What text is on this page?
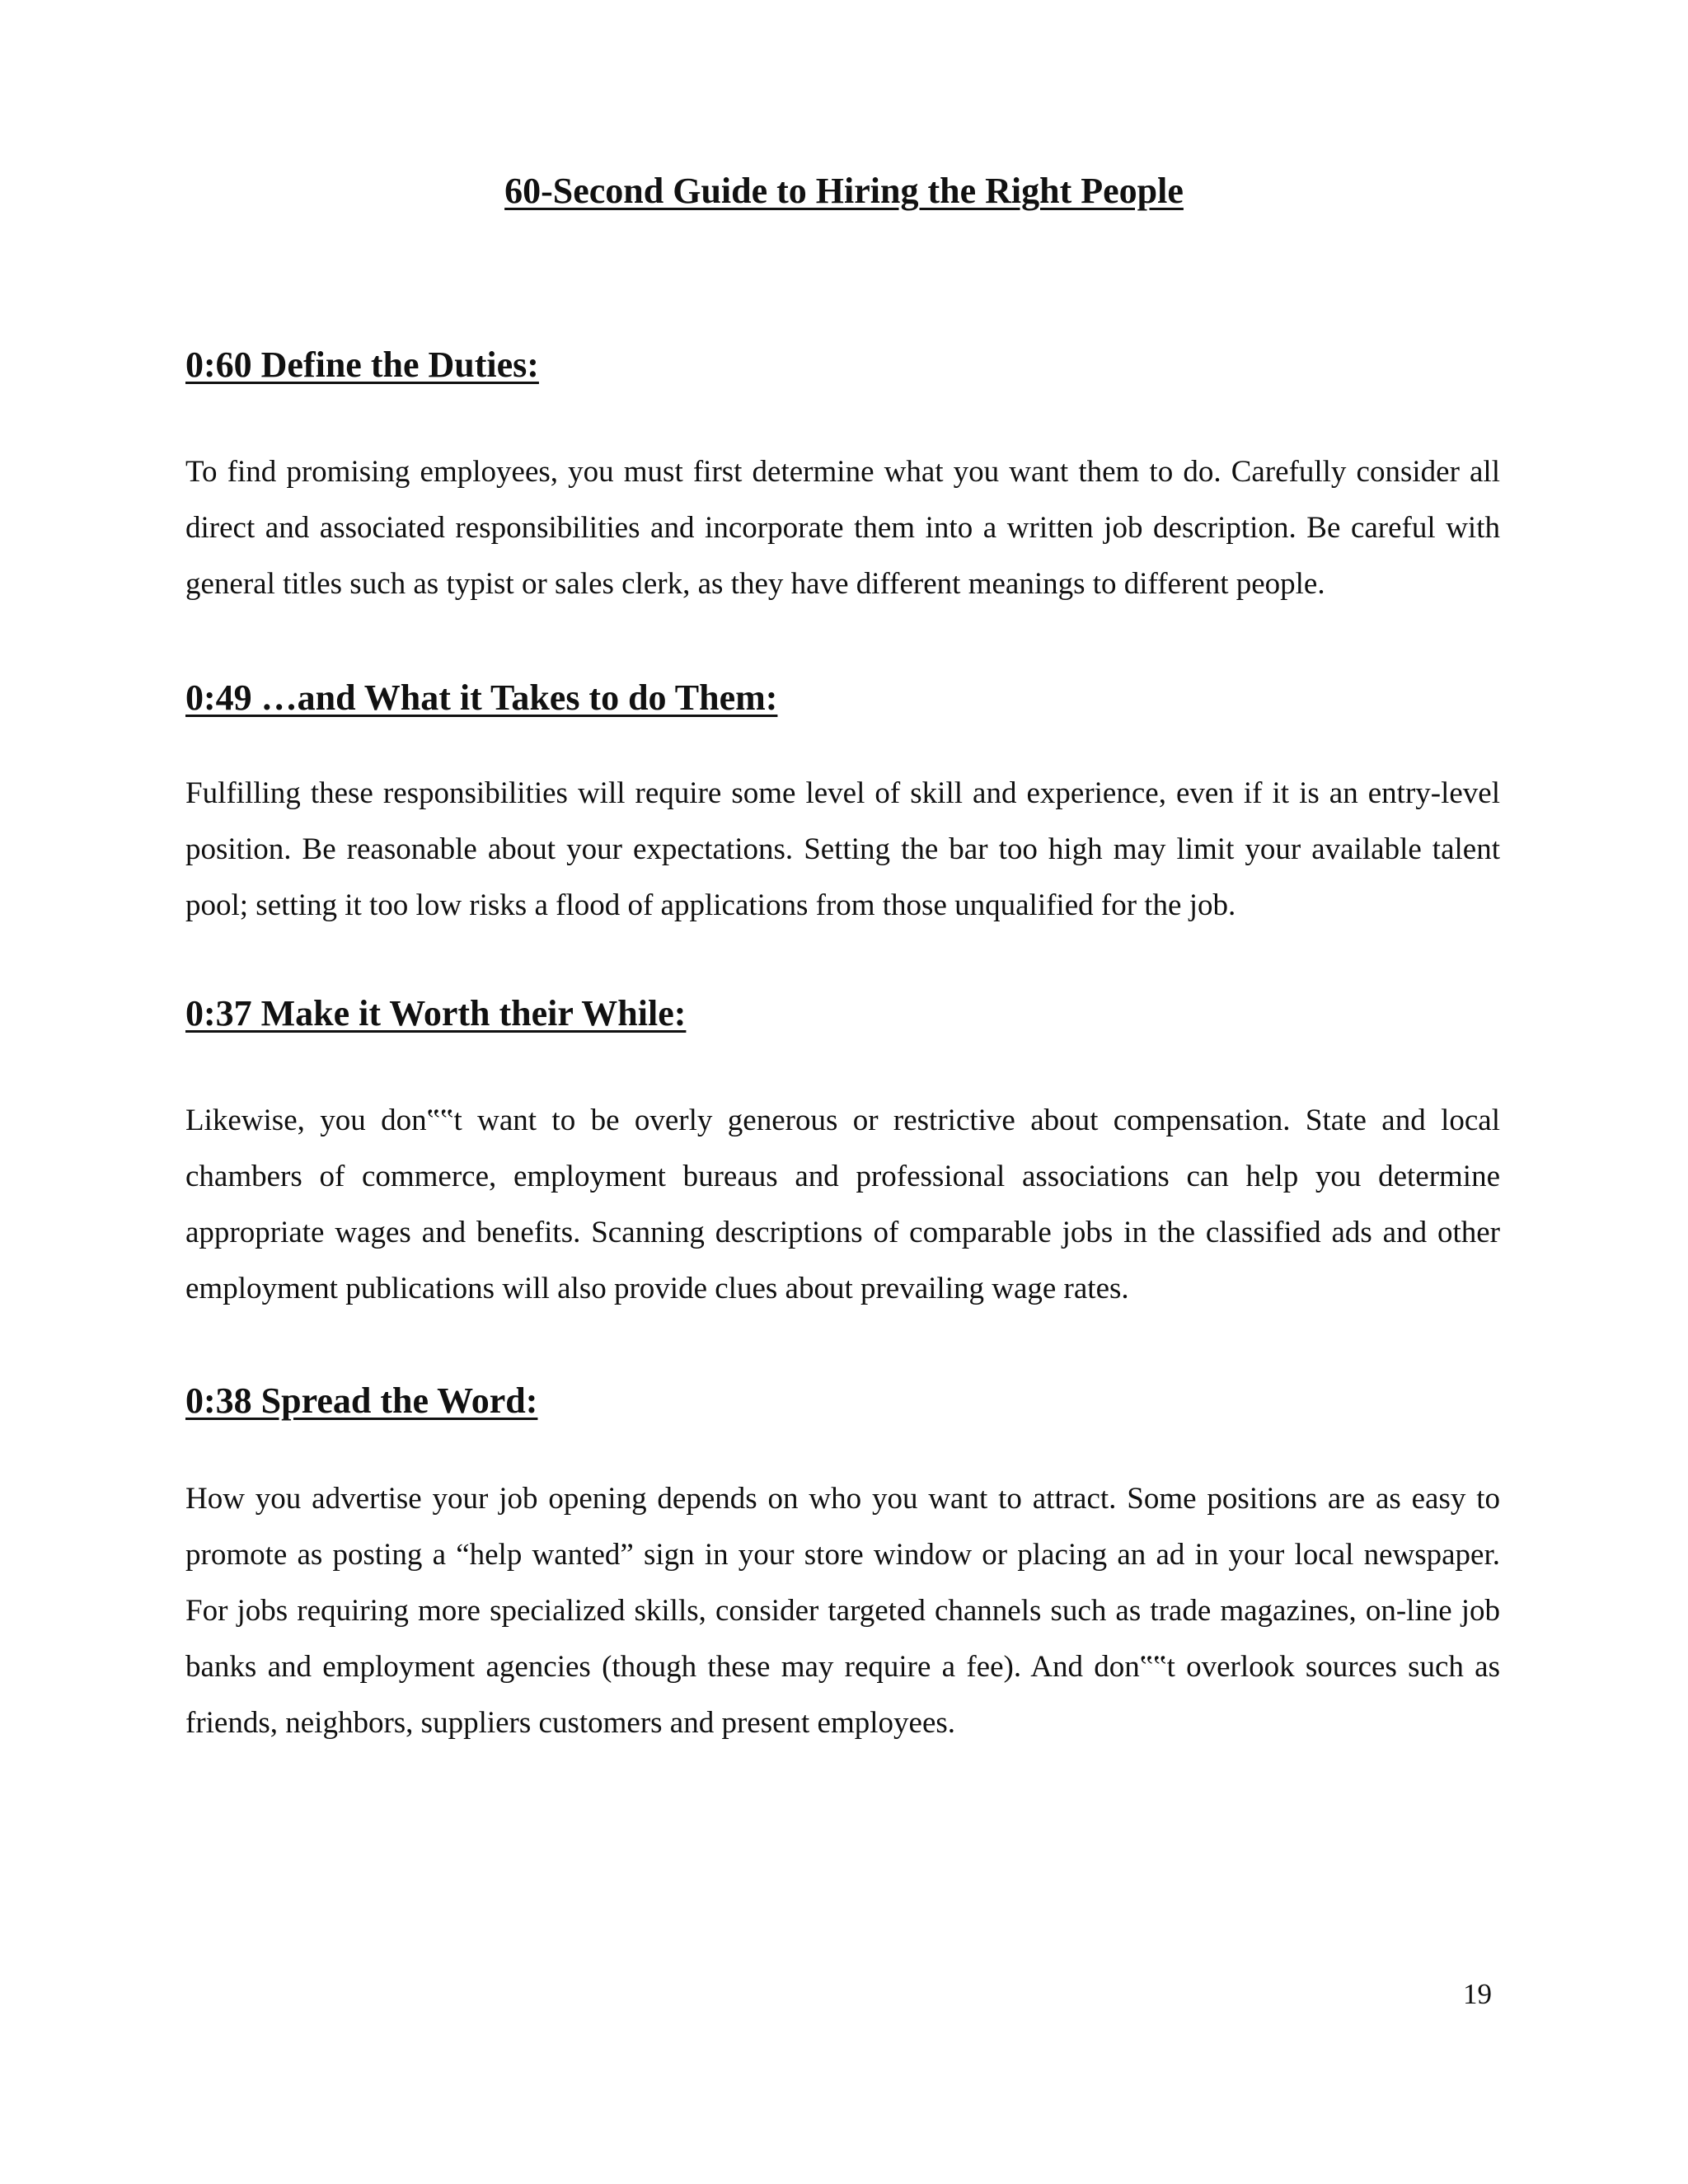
60-Second Guide to Hiring the Right People
0:60 Define the Duties:

To find promising employees, you must first determine what you want them to do. Carefully consider all direct and associated responsibilities and incorporate them into a written job description. Be careful with general titles such as typist or sales clerk, as they have different meanings to different people.

0:49 …and What it Takes to do Them:

Fulfilling these responsibilities will require some level of skill and experience, even if it is an entry-level position. Be reasonable about your expectations. Setting the bar too high may limit your available talent pool; setting it too low risks a flood of applications from those unqualified for the job.

0:37 Make it Worth their While:

Likewise, you don‟‟t want to be overly generous or restrictive about compensation. State and local chambers of commerce, employment bureaus and professional associations can help you determine appropriate wages and benefits. Scanning descriptions of comparable jobs in the classified ads and other employment publications will also provide clues about prevailing wage rates.

0:38 Spread the Word:

How you advertise your job opening depends on who you want to attract. Some positions are as easy to promote as posting a “help wanted” sign in your store window or placing an ad in your local newspaper. For jobs requiring more specialized skills, consider targeted channels such as trade magazines, on-line job banks and employment agencies (though these may require a fee). And don‟‟t overlook sources such as friends, neighbors, suppliers customers and present employees.

19
